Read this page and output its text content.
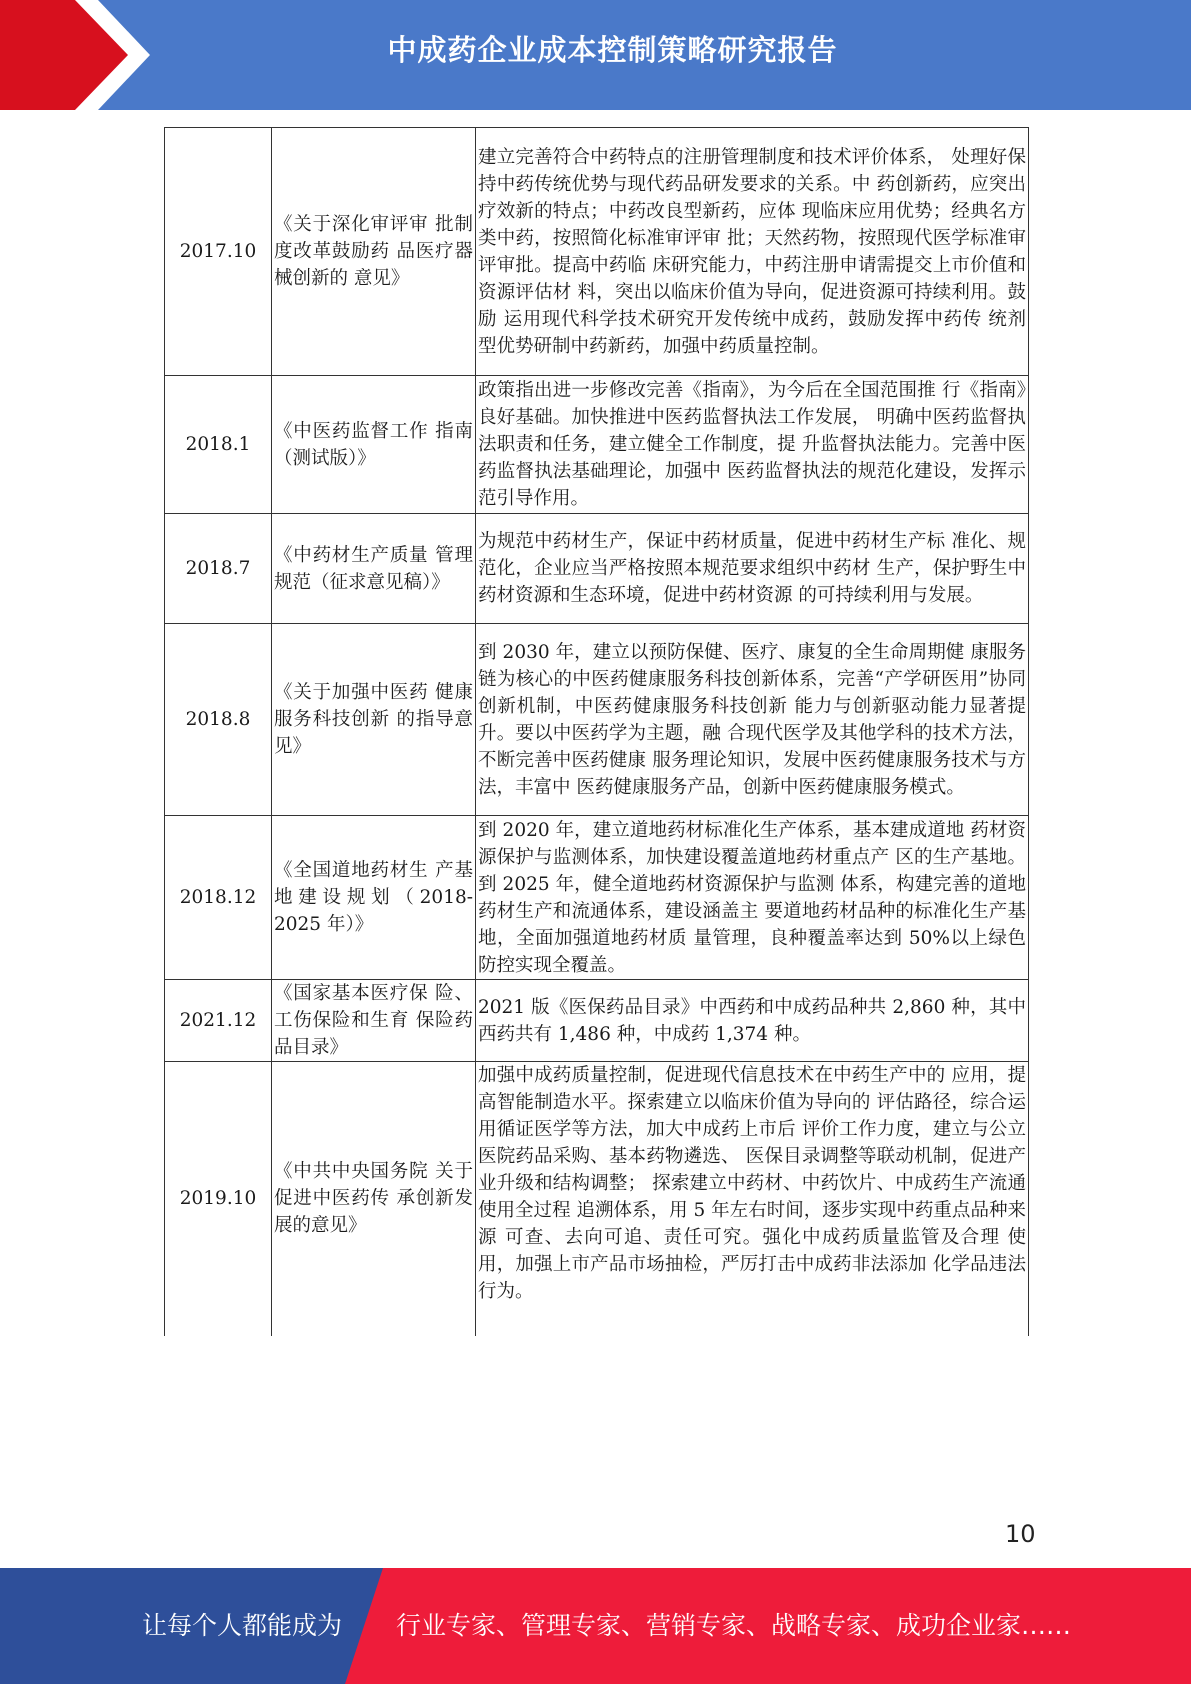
中成药企业成本控制策略研究报告
2017.10	《关于深化审评审 批制度改革鼓励药 品医疗器械创新的 意见》	建立完善符合中药特点的注册管理制度和技术评价体系， 处理好保持中药传统优势与现代药品研发要求的关系。中 药创新药，应突出疗效新的特点；中药改良型新药，应体 现临床应用优势；经典名方类中药，按照简化标准审评审 批；天然药物，按照现代医学标准审评审批。提高中药临 床研究能力，中药注册申请需提交上市价值和资源评估材 料，突出以临床价值为导向，促进资源可持续利用。鼓励 运用现代科学技术研究开发传统中成药，鼓励发挥中药传 统剂型优势研制中药新药，加强中药质量控制。
2018.1	《中医药监督工作 指南（测试版）》	政策指出进一步修改完善《指南》，为今后在全国范围推 行《指南》良好基础。加快推进中医药监督执法工作发展， 明确中医药监督执法职责和任务，建立健全工作制度，提 升监督执法能力。完善中医药监督执法基础理论，加强中 医药监督执法的规范化建设，发挥示范引导作用。
2018.7	《中药材生产质量 管理规范（征求意见稿）》	为规范中药材生产，保证中药材质量，促进中药材生产标 准化、规范化，企业应当严格按照本规范要求组织中药材 生产，保护野生中药材资源和生态环境，促进中药材资源 的可持续利用与发展。
2018.8	《关于加强中医药 健康服务科技创新 的指导意见》	到 2030 年，建立以预防保健、医疗、康复的全生命周期健 康服务链为核心的中医药健康服务科技创新体系，完善“产学研医用”协同创新机制，中医药健康服务科技创新 能力与创新驱动能力显著提升。要以中医药学为主题，融 合现代医学及其他学科的技术方法，不断完善中医药健康 服务理论知识，发展中医药健康服务技术与方法，丰富中 医药健康服务产品，创新中医药健康服务模式。
2018.12	《全国道地药材生 产基地建设规划（2018-2025 年）》	到 2020 年，建立道地药材标准化生产体系，基本建成道地 药材资源保护与监测体系，加快建设覆盖道地药材重点产 区的生产基地。到 2025 年，健全道地药材资源保护与监测 体系，构建完善的道地药材生产和流通体系，建设涵盖主 要道地药材品种的标准化生产基地，全面加强道地药材质 量管理，良种覆盖率达到 50%以上绿色防控实现全覆盖。
2021.12	《国家基本医疗保 险、工伤保险和生育 保险药品目录》	2021 版《医保药品目录》中西药和中成药品种共 2,860 种，其中西药共有 1,486 种，中成药 1,374 种。
2019.10	《中共中央国务院 关于促进中医药传 承创新发展的意见》	加强中成药质量控制，促进现代信息技术在中药生产中的 应用，提高智能制造水平。探索建立以临床价值为导向的 评估路径，综合运用循证医学等方法，加大中成药上市后 评价工作力度，建立与公立医院药品采购、基本药物遴选、 医保目录调整等联动机制，促进产业升级和结构调整； 探索建立中药材、中药饮片、中成药生产流通使用全过程 追溯体系，用 5 年左右时间，逐步实现中药重点品种来源 可查、去向可追、责任可究。强化中成药质量监管及合理 使用，加强上市产品市场抽检，严厉打击中成药非法添加 化学品违法行为。
10
让每个人都能成为 行业专家、管理专家、营销专家、战略专家、成功企业家……
